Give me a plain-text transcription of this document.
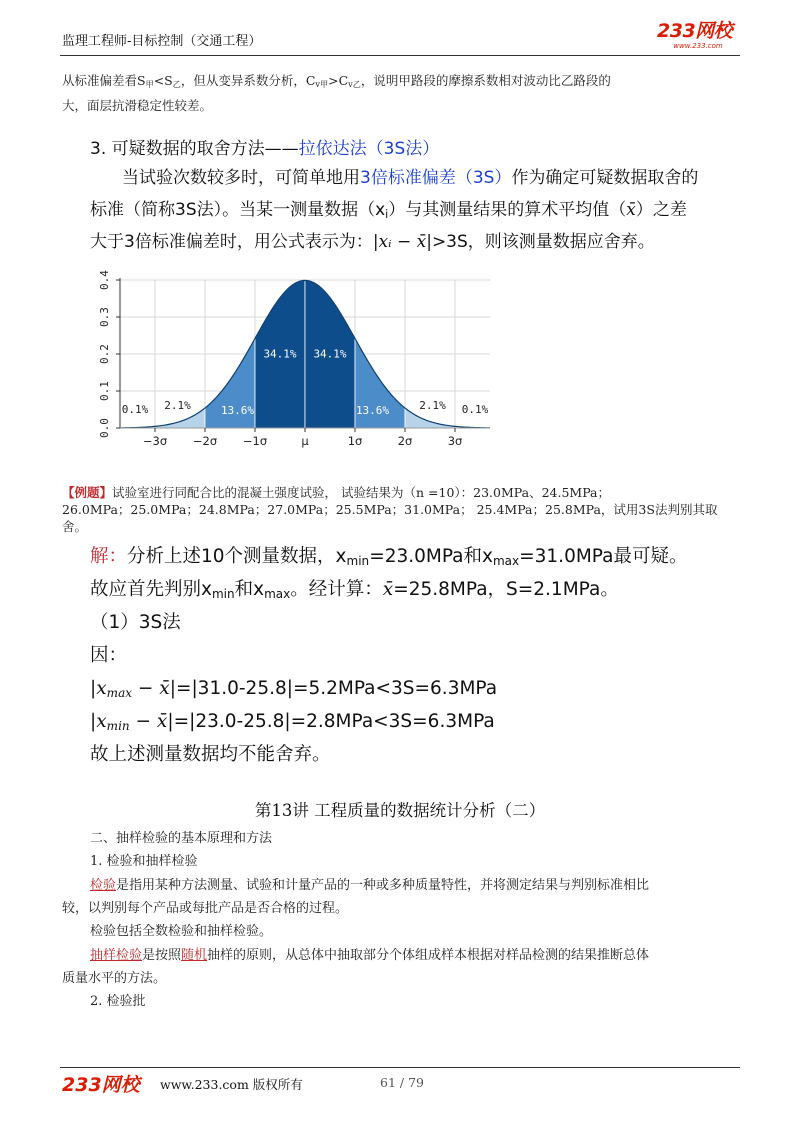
监理工程师-目标控制（交通工程）	233网校
www.233.com
从标准偏差看$S_甲<S_乙$，但从变异系数分析，$C_{v甲}>C_{v乙}$，说明甲路段的摩擦系数相对波动比乙路段的
大，面层抗滑稳定性较差。
3. 可疑数据的取舍方法——拉依达法（3S法）
当试验次数较多时，可简单地用3倍标准偏差（3S）作为确定可疑数据取舍的
标准（简称3S法）。当某一测量数据$(x_i)$与其测量结果的算术平均值（x̄）之差
大于3倍标准偏差时，用公式表示为：|xᵢ − x̄|>3S，则该测量数据应舍弃。
0.0
0.1
0.2
0.3
0.4
−3σ −2σ −1σ	μ	1σ	2σ	3σ
2.1%	13.6%
34.1% 34.1%
13.6%	2.1%
0.1%	0.1%
【例题】试验室进行同配合比的混凝土强度试验， 试验结果为（n =10）：23.0MPa、24.5MPa；
26.0MPa；25.0MPa；24.8MPa；27.0MPa；25.5MPa；31.0MPa； 25.4MPa；25.8MPa，试用3S法判别其取
舍。
解：分析上述10个测量数据，$x_{min}=23.0MPa$和$x_{max}=31.0MPa$最可疑。
故应首先判别$x_{min}$和$x_{max}$。经计算：x̄=25.8MPa，S=2.1MPa。
（1）3S法
因：
$|x_{max}$ − x̄|=|31.0-25.8|=5.2MPa<3S=6.3MPa
$|x_{min}$ − x̄|=|23.0-25.8|=2.8MPa<3S=6.3MPa
故上述测量数据均不能舍弃。
第13讲 工程质量的数据统计分析（二）
二、抽样检验的基本原理和方法
1. 检验和抽样检验
检验是指用某种方法测量、试验和计量产品的一种或多种质量特性，并将测定结果与判别标准相比
较，以判别每个产品或每批产品是否合格的过程。
检验包括全数检验和抽样检验。
抽样检验是按照随机抽样的原则，从总体中抽取部分个体组成样本根据对样品检测的结果推断总体
质量水平的方法。
2. 检验批
233网校 www.233.com 版权所有	61 / 79
